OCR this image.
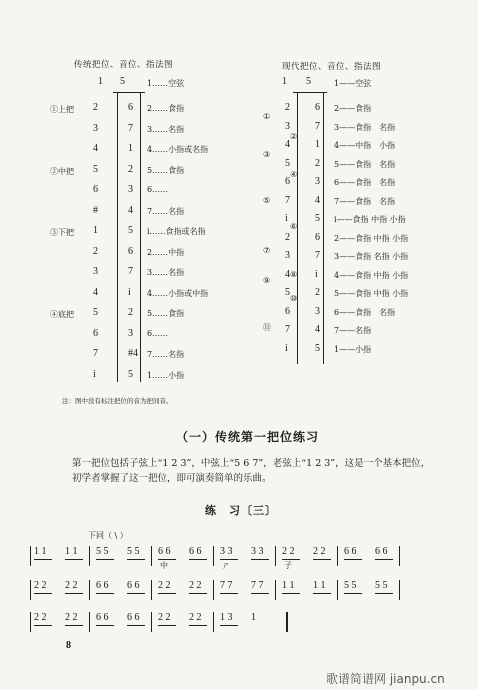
传统把位、音位、指法图
1 5	1……空弦
①上把 2	6 2……食指
3	7 3……名指
4	1 4……小指或名指
②中把 5	2 5……食指
6	3 6……
#	4 7……名指
③下把 1	5 i……食指或名指
2	6 2……中指
3	7 3……名指
4	i 4……小指或中指
④底把 5	2 5……食指
6	3 6……
7	#4 7……名指
i	5 1……小指
注：图中没有标注把位的音为把间音。
现代把位、音位、指法图
1 5	1——空弦
2	6 2——食指
3	7 3——食指　名指
4	1 4——中指　小指
5	2 5——食指　名指
6	3 6——食指　名指
7	4 7——食指　名指
i	5 i——食指 中指 小指
2	6 2——食指 中指 小指
3	7 3——食指 名指 小指
4	i 4——食指 中指 小指
5	2 5——食指 中指 小指
6	3 6——食指　名指
7	4 7——名指
i	5 1——小指
①
③
⑤
⑦
⑨
⑪
②
④
⑥
⑧
⑩
（一）传统第一把位练习
第一把位包括子弦上“1 2 3”，中弦上“5 6 7”，老弦上“1 2 3”，这是一个基本把位，初学者掌握了这一把位，即可演奏简单的乐曲。
练　习〔三〕
下同（ \ ）
1 1 1 1 5 5 5 5 6 6
中
6 6 3 3
ㄕ
3 3 2 2
子
2 2 6 6 6 6
2 2 2 2 6 6 6 6 2 2 2 2 7 7 7 7 1 1 1 1 5 5 5 5
2 2 2 2 6 6 6 6 2 2 2 2 1 3 1
8
歌谱简谱网 jianpu.cn
